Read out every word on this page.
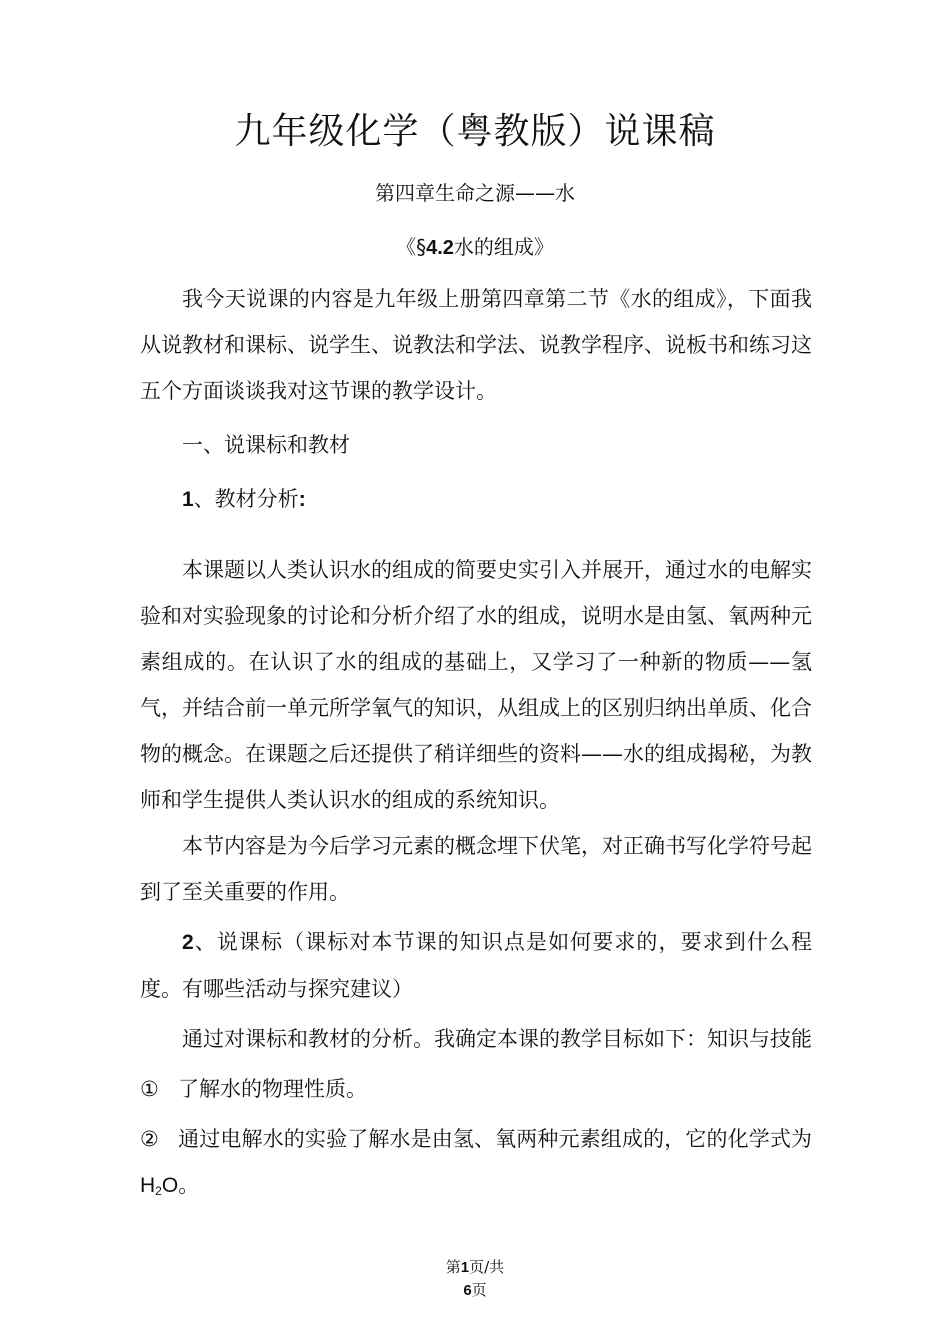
九年级化学（粤教版）说课稿
第四章生命之源——水
《§4.2水的组成》

我今天说课的内容是九年级上册第四章第二节《水的组成》，下面我从说教材和课标、说学生、说教法和学法、说教学程序、说板书和练习这五个方面谈谈我对这节课的教学设计。

一、说课标和教材

1、教材分析:

本课题以人类认识水的组成的简要史实引入并展开，通过水的电解实验和对实验现象的讨论和分析介绍了水的组成，说明水是由氢、氧两种元素组成的。在认识了水的组成的基础上，又学习了一种新的物质——氢气，并结合前一单元所学氧气的知识，从组成上的区别归纳出单质、化合物的概念。在课题之后还提供了稍详细些的资料——水的组成揭秘，为教师和学生提供人类认识水的组成的系统知识。

本节内容是为今后学习元素的概念埋下伏笔，对正确书写化学符号起到了至关重要的作用。

2、说课标（课标对本节课的知识点是如何要求的，要求到什么程度。有哪些活动与探究建议）

通过对课标和教材的分析。我确定本课的教学目标如下：知识与技能

① 了解水的物理性质。

② 通过电解水的实验了解水是由氢、氧两种元素组成的，它的化学式为$H_2O$。

第1页/共
6页
